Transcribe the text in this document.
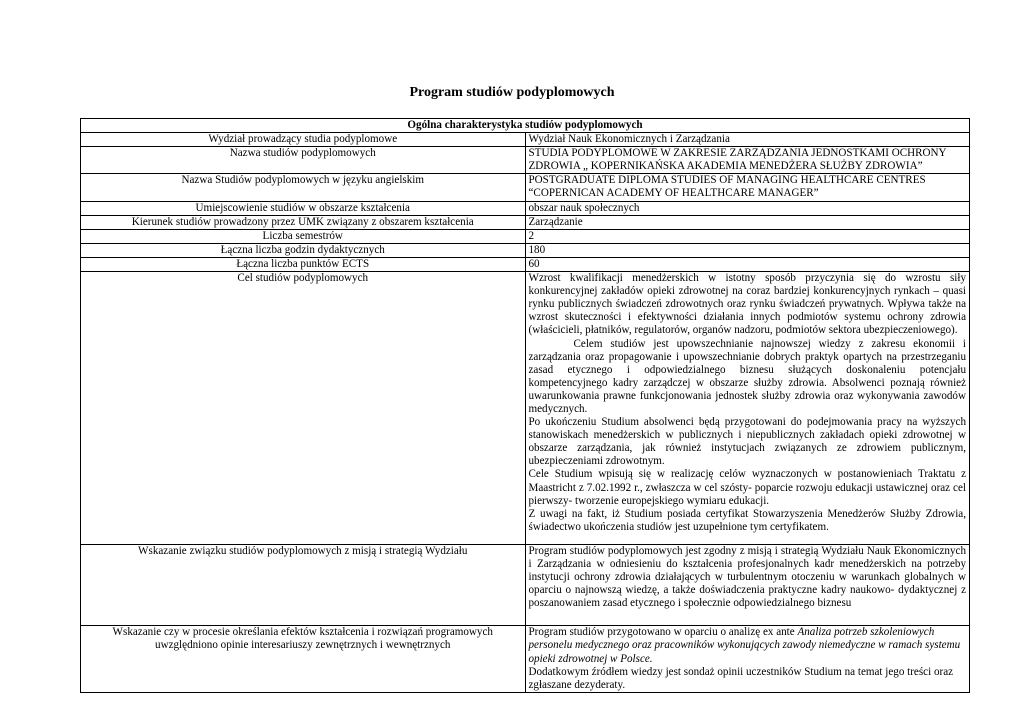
Program studiów podyplomowych
Ogólna charakterystyka studiów podyplomowych	
Wydział prowadzący studia podyplomowe	Wydział Nauk Ekonomicznych i Zarządzania
Nazwa studiów podyplomowych	STUDIA PODYPLOMOWE W ZAKRESIE ZARZĄDZANIA JEDNOSTKAMI OCHRONY ZDROWIA „ KOPERNIKAŃSKA AKADEMIA MENEDŻERA SŁUŻBY ZDROWIA”
Nazwa Studiów podyplomowych w języku angielskim	POSTGRADUATE DIPLOMA STUDIES OF MANAGING HEALTHCARE CENTRES “COPERNICAN ACADEMY OF HEALTHCARE MANAGER”
Umiejscowienie studiów w obszarze kształcenia	obszar nauk społecznych
Kierunek studiów prowadzony przez UMK związany z obszarem kształcenia	Zarządzanie
Liczba semestrów	2
Łączna liczba godzin dydaktycznych	180
Łączna liczba punktów ECTS	60
Cel studiów podyplomowych	Wzrost kwalifikacji menedżerskich w istotny sposób przyczynia się do wzrostu siły konkurencyjnej zakładów opieki zdrowotnej na coraz bardziej konkurencyjnych rynkach – quasi rynku publicznych świadczeń zdrowotnych oraz rynku świadczeń prywatnych. Wpływa także na wzrost skuteczności i efektywności działania innych podmiotów systemu ochrony zdrowia (właścicieli, płatników, regulatorów, organów nadzoru, podmiotów sektora ubezpieczeniowego).

Celem studiów jest upowszechnianie najnowszej wiedzy z zakresu ekonomii i zarządzania oraz propagowanie i upowszechnianie dobrych praktyk opartych na przestrzeganiu zasad etycznego i odpowiedzialnego biznesu służących doskonaleniu potencjału kompetencyjnego kadry zarządczej w obszarze służby zdrowia. Absolwenci poznają również uwarunkowania prawne funkcjonowania jednostek służby zdrowia oraz wykonywania zawodów medycznych.

Po ukończeniu Studium absolwenci będą przygotowani do podejmowania pracy na wyższych stanowiskach menedżerskich w publicznych i niepublicznych zakładach opieki zdrowotnej w obszarze zarządzania, jak również instytucjach związanych ze zdrowiem publicznym, ubezpieczeniami zdrowotnym.

Cele Studium wpisują się w realizację celów wyznaczonych w postanowieniach Traktatu z Maastricht z 7.02.1992 r., zwłaszcza w cel szósty- poparcie rozwoju edukacji ustawicznej oraz cel pierwszy- tworzenie europejskiego wymiaru edukacji.

Z uwagi na fakt, iż Studium posiada certyfikat Stowarzyszenia Menedżerów Służby Zdrowia, świadectwo ukończenia studiów jest uzupełnione tym certyfikatem.

Wskazanie związku studiów podyplomowych z misją i strategią Wydziału	Program studiów podyplomowych jest zgodny z misją i strategią Wydziału Nauk Ekonomicznych i Zarządzania w odniesieniu do kształcenia profesjonalnych kadr menedżerskich na potrzeby instytucji ochrony zdrowia działających w turbulentnym otoczeniu w warunkach globalnych w oparciu o najnowszą wiedzę, a także doświadczenia praktyczne kadry naukowo- dydaktycznej z poszanowaniem zasad etycznego i społecznie odpowiedzialnego biznesu
Wskazanie czy w procesie określania efektów kształcenia i rozwiązań programowych uwzględniono opinie interesariuszy zewnętrznych i wewnętrznych	Program studiów przygotowano w oparciu o analizę ex ante Analiza potrzeb szkoleniowych personelu medycznego oraz pracowników wykonujących zawody niemedyczne w ramach systemu opieki zdrowotnej w Polsce.

Dodatkowym źródłem wiedzy jest sondaż opinii uczestników Studium na temat jego treści oraz zgłaszane dezyderaty.
